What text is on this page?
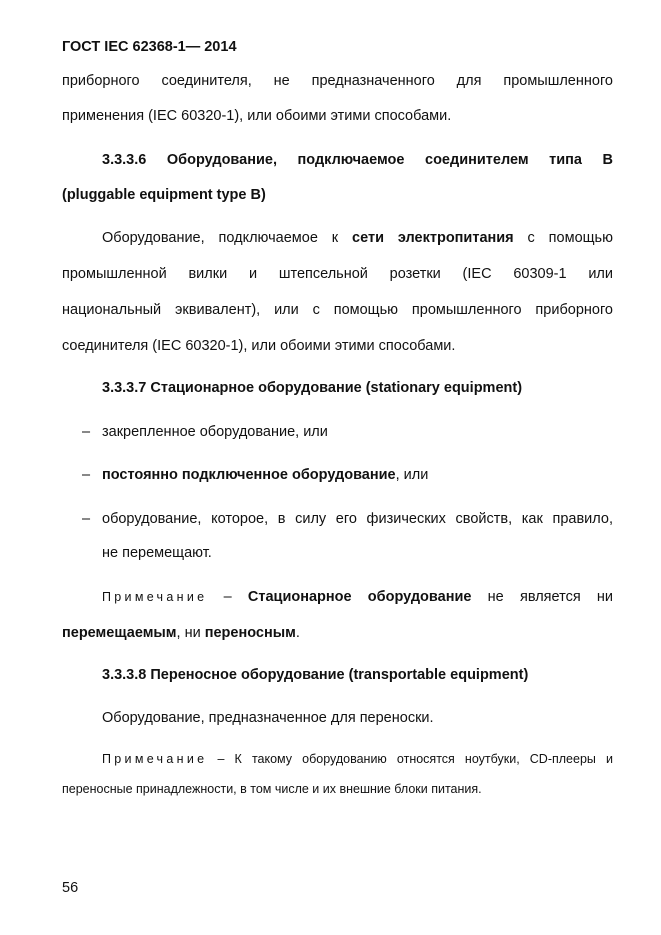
ГОСТ IEC 62368-1— 2014
приборного соединителя, не предназначенного для промышленного
применения (IEC 60320-1), или обоими этими способами.
3.3.3.6 Оборудование, подключаемое соединителем типа B
(pluggable equipment type B)
Оборудование, подключаемое к сети электропитания с помощью
промышленной вилки и штепсельной розетки (IEC 60309-1 или
национальный эквивалент), или с помощью промышленного приборного
соединителя (IEC 60320-1), или обоими этими способами.
3.3.3.7 Стационарное оборудование (stationary equipment)
– закрепленное оборудование, или
– постоянно подключенное оборудование, или
– оборудование, которое, в силу его физических свойств, как правило,
не перемещают.
Примечание – Стационарное оборудование не является ни
перемещаемым, ни переносным.
3.3.3.8 Переносное оборудование (transportable equipment)
Оборудование, предназначенное для переноски.
Примечание – К такому оборудованию относятся ноутбуки, CD-плееры и
переносные принадлежности, в том числе и их внешние блоки питания.
56
